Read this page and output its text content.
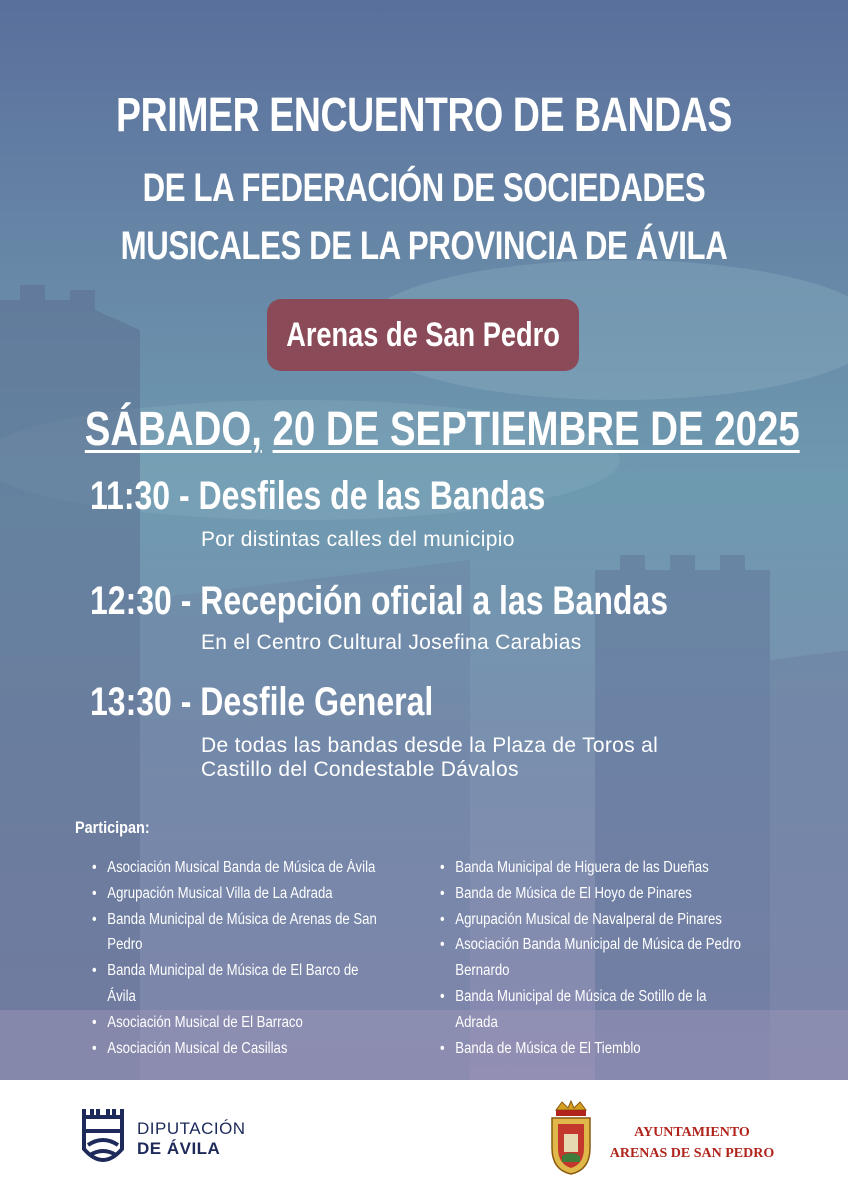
PRIMER ENCUENTRO DE BANDAS
DE LA FEDERACIÓN DE SOCIEDADES
MUSICALES DE LA PROVINCIA DE ÁVILA
Arenas de San Pedro
SÁBADO, 20 DE SEPTIEMBRE DE 2025
11:30 - Desfiles de las Bandas
Por distintas calles del municipio
12:30 - Recepción oficial a las Bandas
En el Centro Cultural Josefina Carabias
13:30 - Desfile General
De todas las bandas desde la Plaza de Toros al
Castillo del Condestable Dávalos
Participan:
• Asociación Musical Banda de Música de Ávila
• Agrupación Musical Villa de La Adrada
• Banda Municipal de Música de Arenas de San Pedro
• Banda Municipal de Música de El Barco de Ávila
• Asociación Musical de El Barraco
• Asociación Musical de Casillas
• Banda Municipal de Higuera de las Dueñas
• Banda de Música de El Hoyo de Pinares
• Agrupación Musical de Navalperal de Pinares
• Asociación Banda Municipal de Música de Pedro Bernardo
• Banda Municipal de Música de Sotillo de la Adrada
• Banda de Música de El Tiemblo
DIPUTACIÓN
DE ÁVILA
AYUNTAMIENTO
ARENAS DE SAN PEDRO
